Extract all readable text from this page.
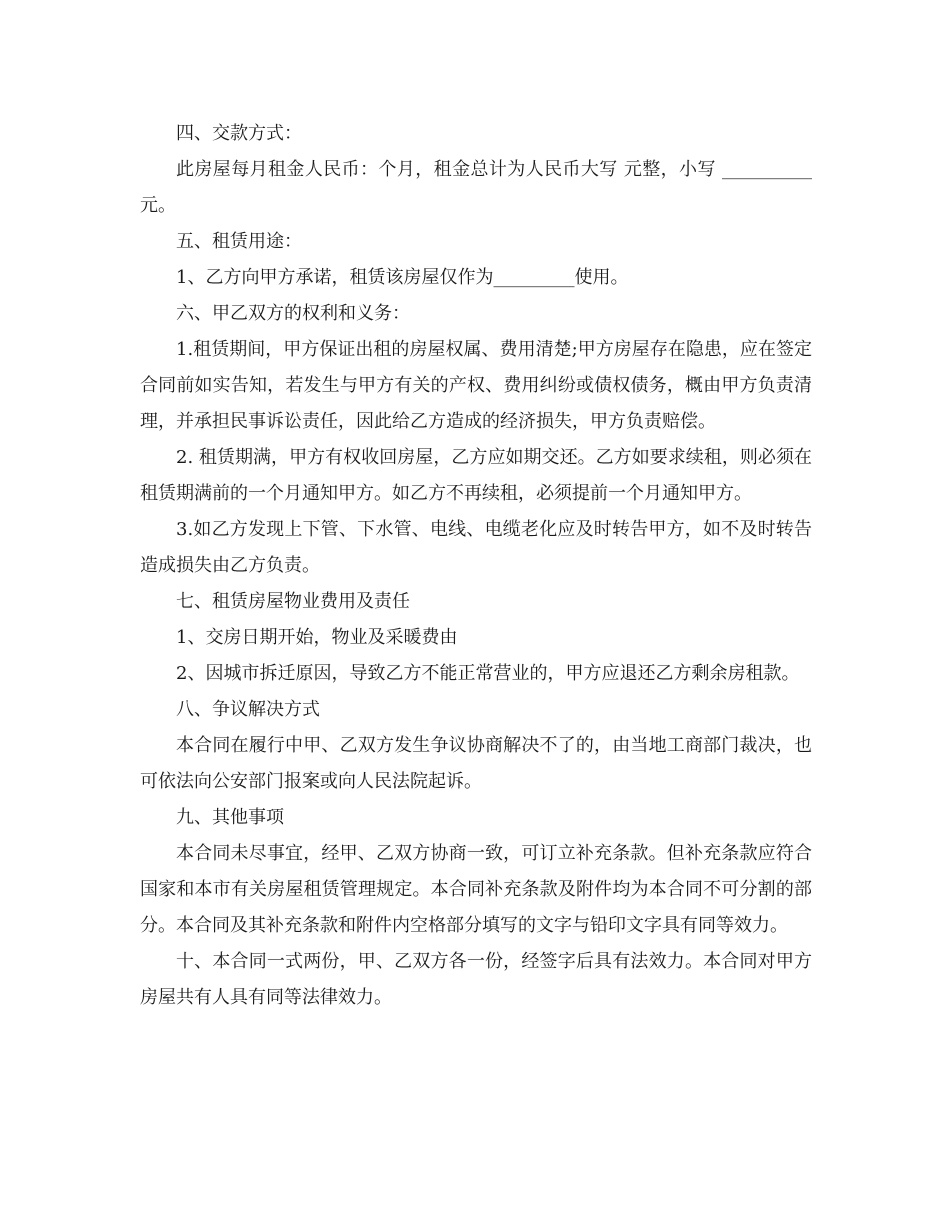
四、交款方式：

此房屋每月租金人民币：个月，租金总计为人民币大写 元整，小写 __________元。

五、租赁用途：

1、乙方向甲方承诺，租赁该房屋仅作为_________使用。

六、甲乙双方的权利和义务：

1.租赁期间，甲方保证出租的房屋权属、费用清楚;甲方房屋存在隐患，应在签定合同前如实告知，若发生与甲方有关的产权、费用纠纷或债权债务，概由甲方负责清理，并承担民事诉讼责任，因此给乙方造成的经济损失，甲方负责赔偿。

2. 租赁期满，甲方有权收回房屋，乙方应如期交还。乙方如要求续租，则必须在租赁期满前的一个月通知甲方。如乙方不再续租，必须提前一个月通知甲方。

3.如乙方发现上下管、下水管、电线、电缆老化应及时转告甲方，如不及时转告造成损失由乙方负责。

七、租赁房屋物业费用及责任

1、交房日期开始，物业及采暖费由

2、因城市拆迁原因，导致乙方不能正常营业的，甲方应退还乙方剩余房租款。

八、争议解决方式

本合同在履行中甲、乙双方发生争议协商解决不了的，由当地工商部门裁决，也可依法向公安部门报案或向人民法院起诉。

九、其他事项

本合同未尽事宜，经甲、乙双方协商一致，可订立补充条款。但补充条款应符合国家和本市有关房屋租赁管理规定。本合同补充条款及附件均为本合同不可分割的部分。本合同及其补充条款和附件内空格部分填写的文字与铅印文字具有同等效力。

十、本合同一式两份，甲、乙双方各一份，经签字后具有法效力。本合同对甲方房屋共有人具有同等法律效力。
